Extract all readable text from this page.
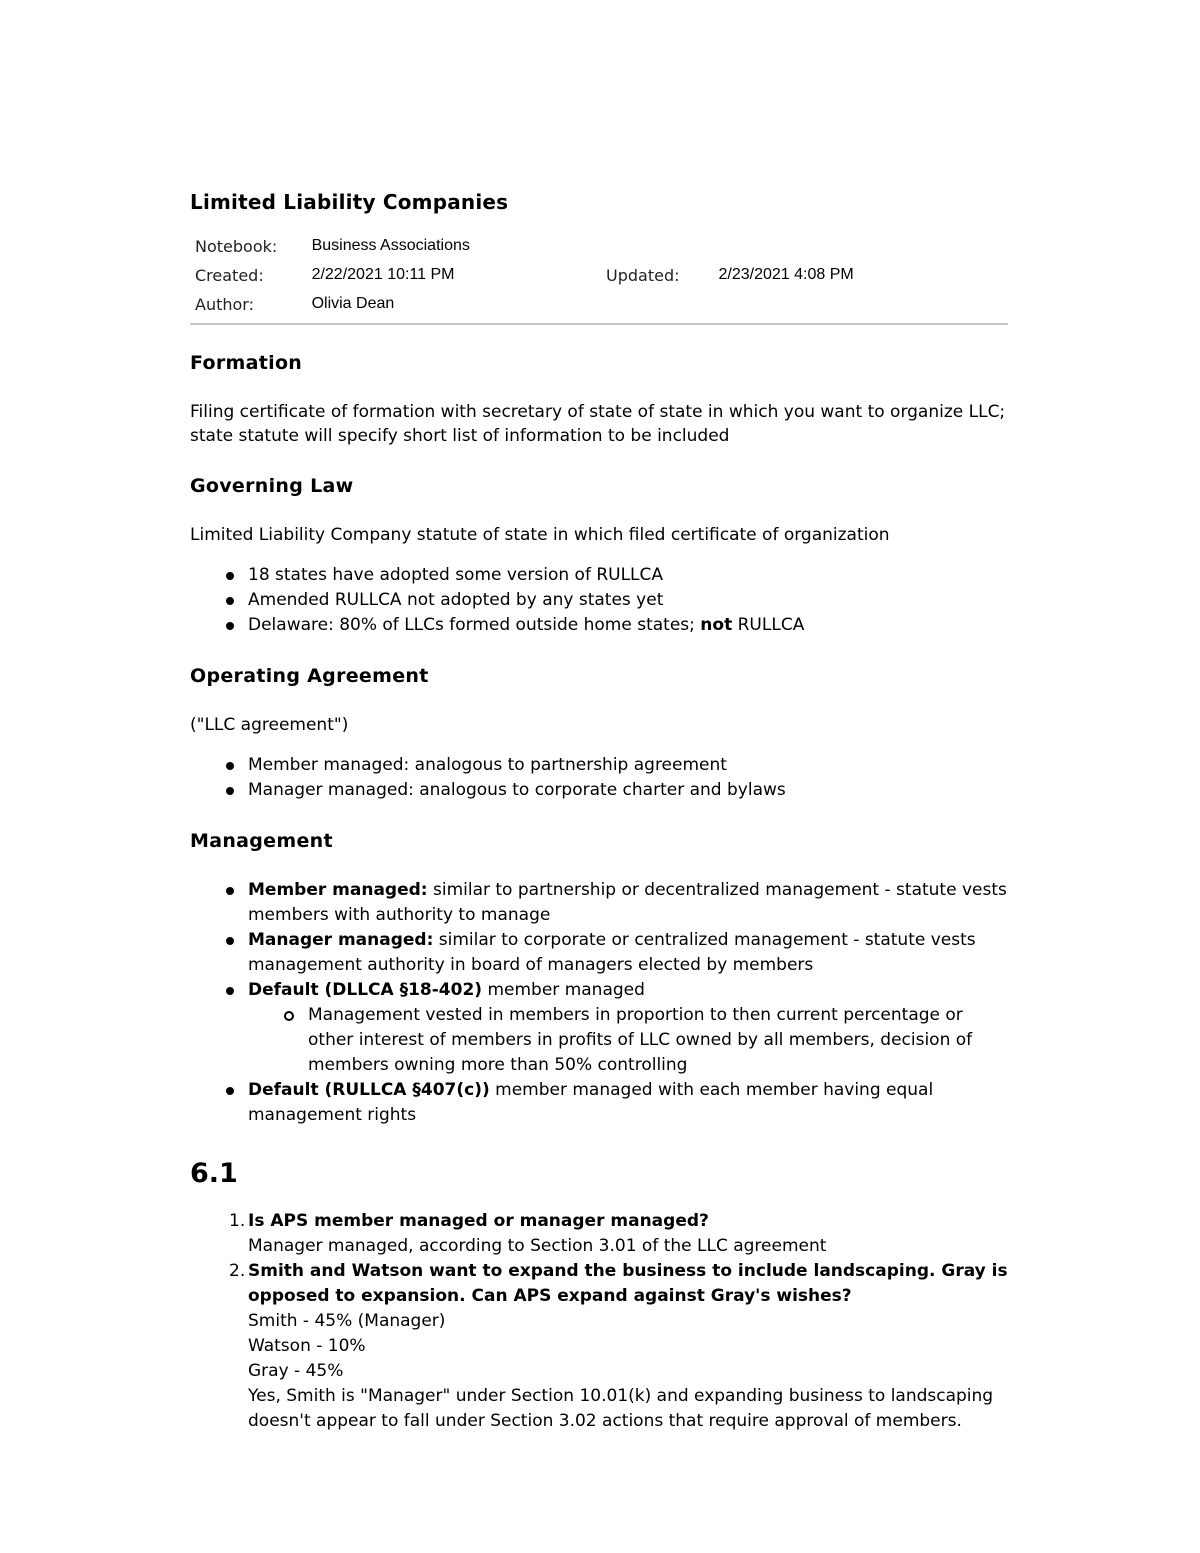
Limited Liability Companies
Notebook:	Business Associations		
Created:	2/22/2021 10:11 PM	Updated:	2/23/2021 4:08 PM
Author:	Olivia Dean		
Formation

Filing certificate of formation with secretary of state of state in which you want to organize LLC; state statute will specify short list of information to be included

Governing Law

Limited Liability Company statute of state in which filed certificate of organization

18 states have adopted some version of RULLCA
Amended RULLCA not adopted by any states yet
Delaware: 80% of LLCs formed outside home states; not RULLCA
Operating Agreement

("LLC agreement")

Member managed: analogous to partnership agreement
Manager managed: analogous to corporate charter and bylaws
Management
Member managed: similar to partnership or decentralized management - statute vests members with authority to manage
Manager managed: similar to corporate or centralized management - statute vests management authority in board of managers elected by members
Default (DLLCA §18-402) member managed
Management vested in members in proportion to then current percentage or other interest of members in profits of LLC owned by all members, decision of members owning more than 50% controlling
Default (RULLCA §407(c)) member managed with each member having equal management rights
6.1
1. Is APS member managed or manager managed?
Manager managed, according to Section 3.01 of the LLC agreement
2. Smith and Watson want to expand the business to include landscaping. Gray is opposed to expansion. Can APS expand against Gray's wishes?
Smith - 45% (Manager)
Watson - 10%
Gray - 45%
Yes, Smith is "Manager" under Section 10.01(k) and expanding business to landscaping doesn't appear to fall under Section 3.02 actions that require approval of members.
